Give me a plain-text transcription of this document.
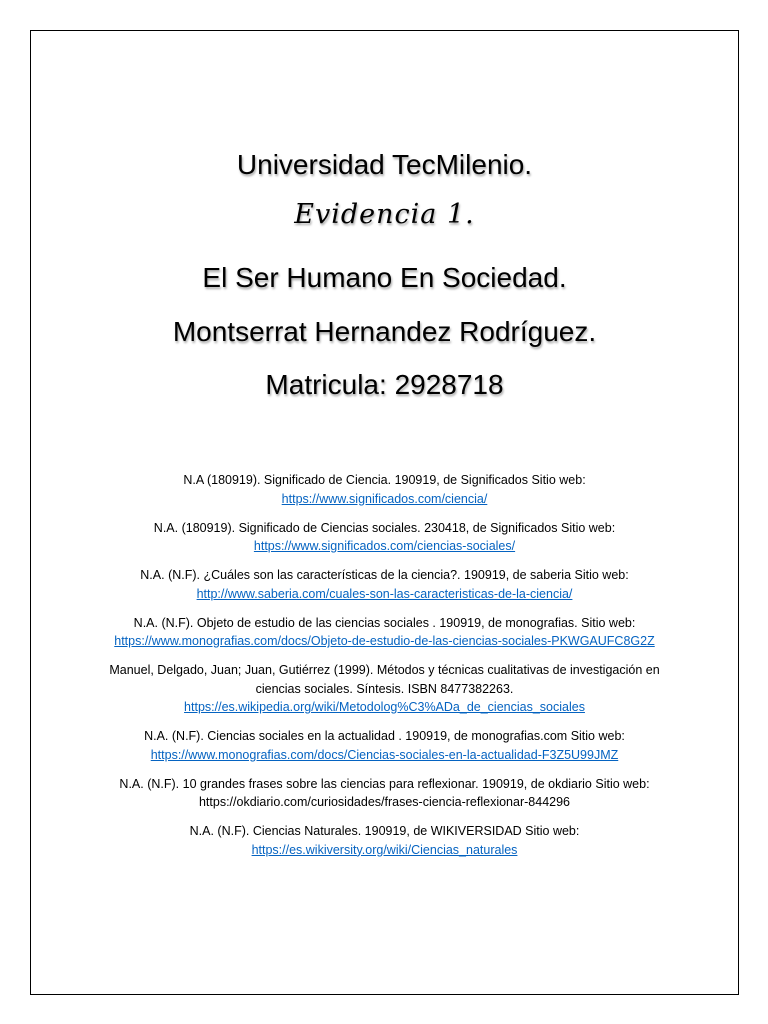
Universidad TecMilenio.
Evidencia 1.
El Ser Humano En Sociedad.
Montserrat Hernandez Rodríguez.
Matricula: 2928718
N.A (180919). Significado de Ciencia. 190919, de Significados Sitio web:
https://www.significados.com/ciencia/
N.A. (180919). Significado de Ciencias sociales. 230418, de Significados Sitio web:
https://www.significados.com/ciencias-sociales/
N.A. (N.F). ¿Cuáles son las características de la ciencia?. 190919, de saberia Sitio web:
http://www.saberia.com/cuales-son-las-caracteristicas-de-la-ciencia/
N.A. (N.F). Objeto de estudio de las ciencias sociales . 190919, de monografias. Sitio web:
https://www.monografias.com/docs/Objeto-de-estudio-de-las-ciencias-sociales-PKWGAUFC8G2Z
Manuel, Delgado, Juan; Juan, Gutiérrez (1999). Métodos y técnicas cualitativas de investigación en
ciencias sociales. Síntesis. ISBN 8477382263.
https://es.wikipedia.org/wiki/Metodolog%C3%ADa_de_ciencias_sociales
N.A. (N.F). Ciencias sociales en la actualidad . 190919, de monografias.com Sitio web:
https://www.monografias.com/docs/Ciencias-sociales-en-la-actualidad-F3Z5U99JMZ
N.A. (N.F). 10 grandes frases sobre las ciencias para reflexionar. 190919, de okdiario Sitio web:
https://okdiario.com/curiosidades/frases-ciencia-reflexionar-844296
N.A. (N.F). Ciencias Naturales. 190919, de WIKIVERSIDAD Sitio web:
https://es.wikiversity.org/wiki/Ciencias_naturales
